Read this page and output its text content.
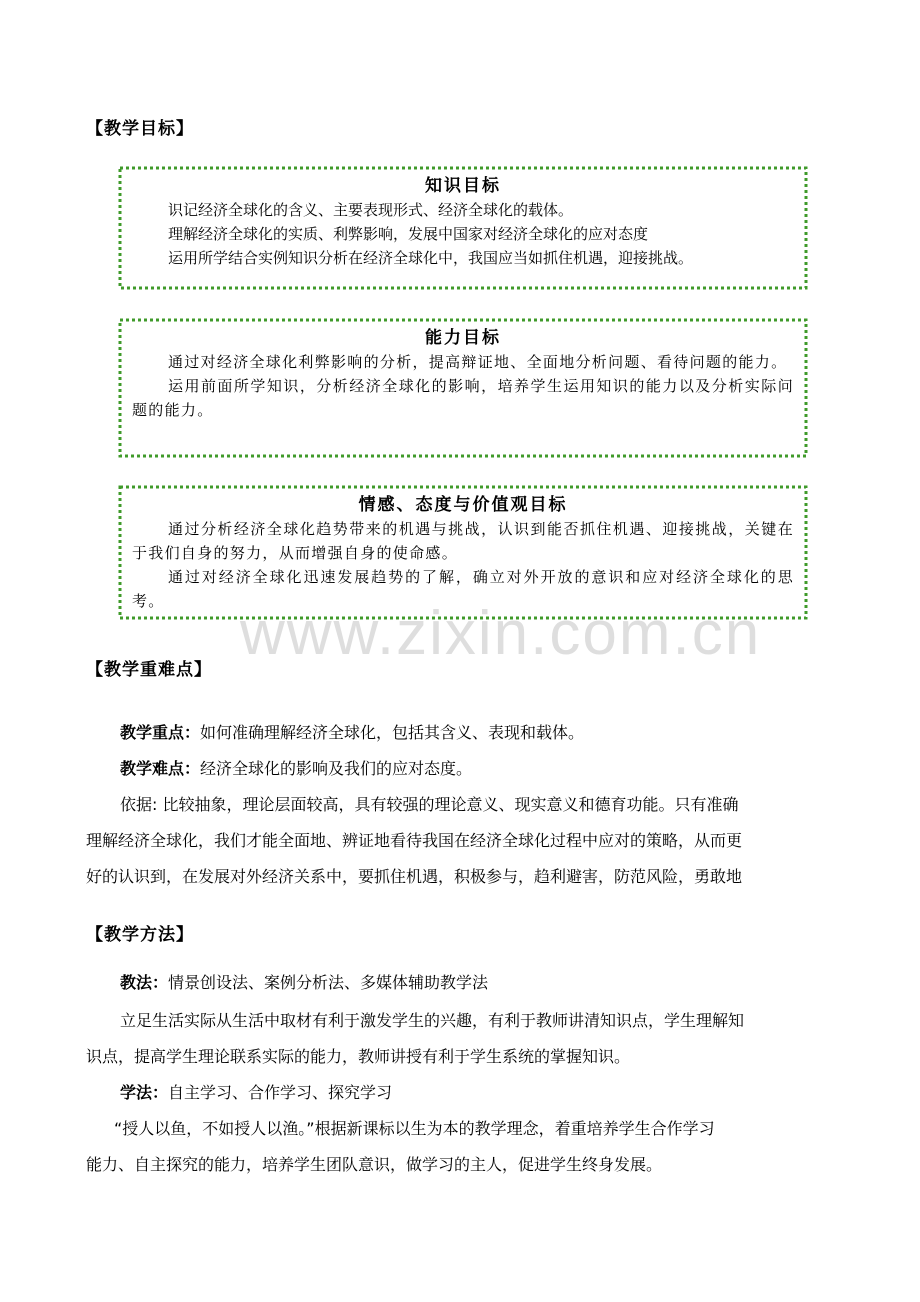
【教学目标】
知识目标
识记经济全球化的含义、主要表现形式、经济全球化的载体。
理解经济全球化的实质、利弊影响，发展中国家对经济全球化的应对态度
运用所学结合实例知识分析在经济全球化中，我国应当如抓住机遇，迎接挑战。
能力目标
通过对经济全球化利弊影响的分析，提高辩证地、全面地分析问题、看待问题的能力。
运用前面所学知识，分析经济全球化的影响，培养学生运用知识的能力以及分析实际问题的能力。
情感、态度与价值观目标
通过分析经济全球化趋势带来的机遇与挑战，认识到能否抓住机遇、迎接挑战，关键在于我们自身的努力，从而增强自身的使命感。
通过对经济全球化迅速发展趋势的了解，确立对外开放的意识和应对经济全球化的思考。	www.zixin.com.cn
【教学重难点】
教学重点：如何准确理解经济全球化，包括其含义、表现和载体。
教学难点：经济全球化的影响及我们的应对态度。
依据: 比较抽象，理论层面较高，具有较强的理论意义、现实意义和德育功能。只有准确
理解经济全球化，我们才能全面地、辨证地看待我国在经济全球化过程中应对的策略，从而更
好的认识到，在发展对外经济关系中，要抓住机遇，积极参与，趋利避害，防范风险，勇敢地
【教学方法】
教法：情景创设法、案例分析法、多媒体辅助教学法
立足生活实际从生活中取材有利于激发学生的兴趣，有利于教师讲清知识点，学生理解知
识点，提高学生理论联系实际的能力，教师讲授有利于学生系统的掌握知识。
学法：自主学习、合作学习、探究学习
“授人以鱼，不如授人以渔。”根据新课标以生为本的教学理念，着重培养学生合作学习
能力、自主探究的能力，培养学生团队意识，做学习的主人，促进学生终身发展。
